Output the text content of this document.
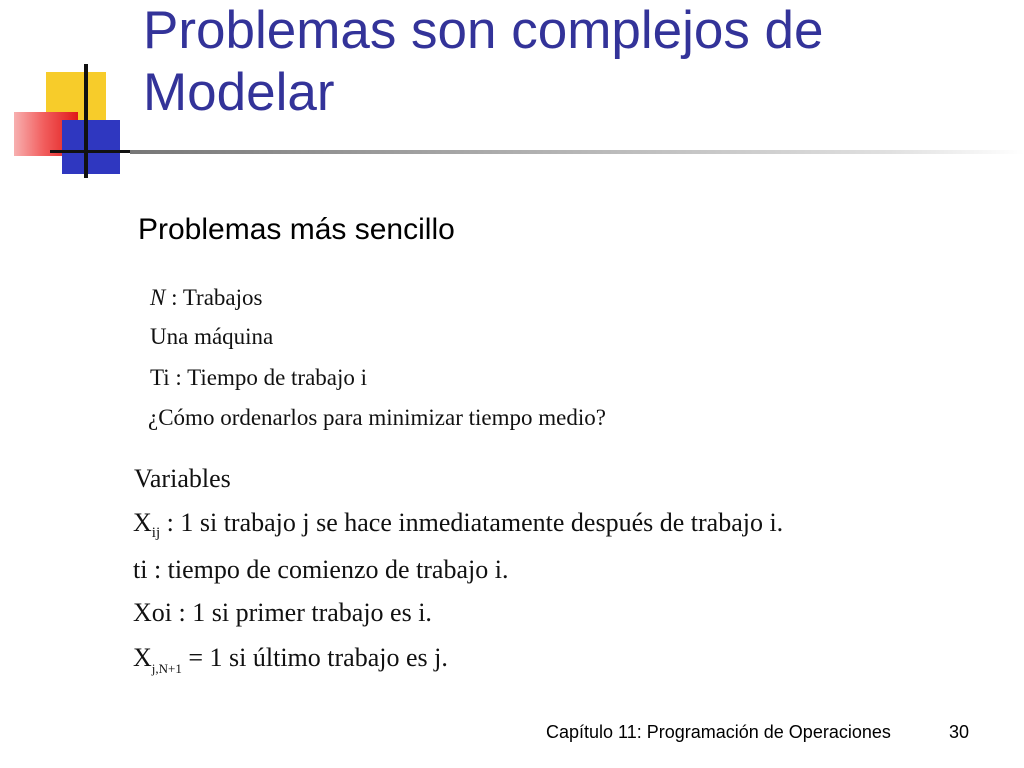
Problemas son complejos de Modelar
Problemas más sencillo
N : Trabajos
Una máquina
Ti : Tiempo de trabajo i
¿Cómo ordenarlos para minimizar tiempo medio?
Variables
$X_{ij}$ : 1 si trabajo j se hace inmediatamente después de trabajo i.
ti : tiempo de comienzo de trabajo i.
Xoi : 1 si primer trabajo es i.
$X_{j,N+1} = 1$ si último trabajo es j.
Capítulo 11: Programación de Operaciones	30
